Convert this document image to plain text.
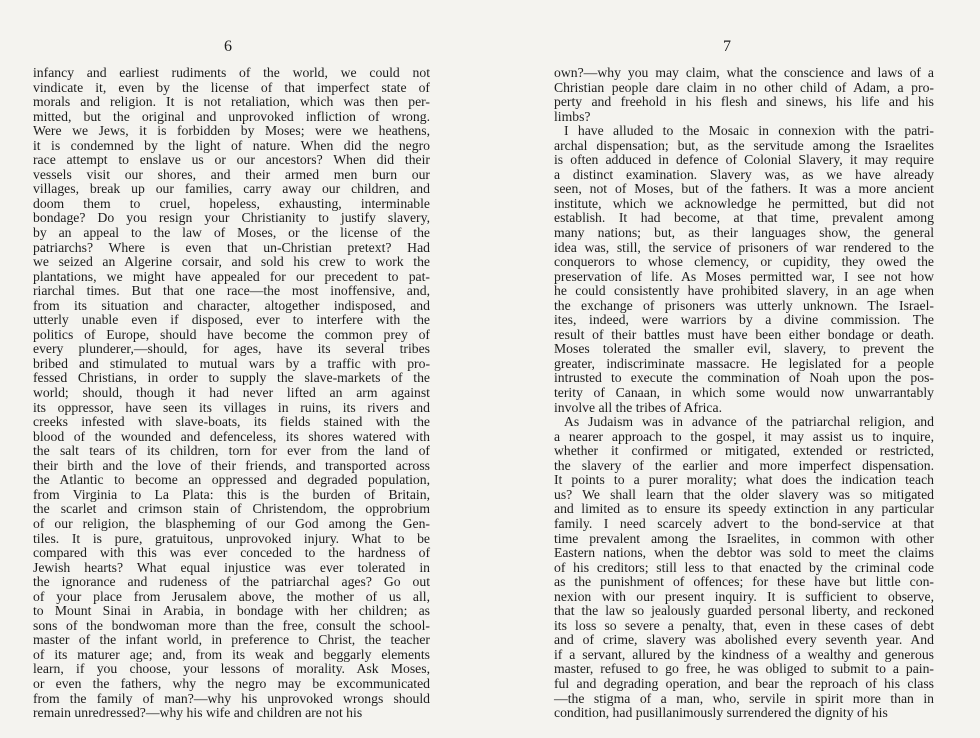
6
infancy and earliest rudiments of the world, we could not
vindicate it, even by the license of that imperfect state of
morals and religion. It is not retaliation, which was then per-
mitted, but the original and unprovoked infliction of wrong.
Were we Jews, it is forbidden by Moses; were we heathens,
it is condemned by the light of nature. When did the negro
race attempt to enslave us or our ancestors? When did their
vessels visit our shores, and their armed men burn our
villages, break up our families, carry away our children, and
doom them to cruel, hopeless, exhausting, interminable
bondage? Do you resign your Christianity to justify slavery,
by an appeal to the law of Moses, or the license of the
patriarchs? Where is even that un-Christian pretext? Had
we seized an Algerine corsair, and sold his crew to work the
plantations, we might have appealed for our precedent to pat-
riarchal times. But that one race—the most inoffensive, and,
from its situation and character, altogether indisposed, and
utterly unable even if disposed, ever to interfere with the
politics of Europe, should have become the common prey of
every plunderer,—should, for ages, have its several tribes
bribed and stimulated to mutual wars by a traffic with pro-
fessed Christians, in order to supply the slave-markets of the
world; should, though it had never lifted an arm against
its oppressor, have seen its villages in ruins, its rivers and
creeks infested with slave-boats, its fields stained with the
blood of the wounded and defenceless, its shores watered with
the salt tears of its children, torn for ever from the land of
their birth and the love of their friends, and transported across
the Atlantic to become an oppressed and degraded population,
from Virginia to La Plata: this is the burden of Britain,
the scarlet and crimson stain of Christendom, the opprobrium
of our religion, the blaspheming of our God among the Gen-
tiles. It is pure, gratuitous, unprovoked injury. What to be
compared with this was ever conceded to the hardness of
Jewish hearts? What equal injustice was ever tolerated in
the ignorance and rudeness of the patriarchal ages? Go out
of your place from Jerusalem above, the mother of us all,
to Mount Sinai in Arabia, in bondage with her children; as
sons of the bondwoman more than the free, consult the school-
master of the infant world, in preference to Christ, the teacher
of its maturer age; and, from its weak and beggarly elements
learn, if you choose, your lessons of morality. Ask Moses,
or even the fathers, why the negro may be excommunicated
from the family of man?—why his unprovoked wrongs should
remain unredressed?—why his wife and children are not his
7
own?—why you may claim, what the conscience and laws of a
Christian people dare claim in no other child of Adam, a pro-
perty and freehold in his flesh and sinews, his life and his
limbs?
I have alluded to the Mosaic in connexion with the patri-
archal dispensation; but, as the servitude among the Israelites
is often adduced in defence of Colonial Slavery, it may require
a distinct examination. Slavery was, as we have already
seen, not of Moses, but of the fathers. It was a more ancient
institute, which we acknowledge he permitted, but did not
establish. It had become, at that time, prevalent among
many nations; but, as their languages show, the general
idea was, still, the service of prisoners of war rendered to the
conquerors to whose clemency, or cupidity, they owed the
preservation of life. As Moses permitted war, I see not how
he could consistently have prohibited slavery, in an age when
the exchange of prisoners was utterly unknown. The Israel-
ites, indeed, were warriors by a divine commission. The
result of their battles must have been either bondage or death.
Moses tolerated the smaller evil, slavery, to prevent the
greater, indiscriminate massacre. He legislated for a people
intrusted to execute the commination of Noah upon the pos-
terity of Canaan, in which some would now unwarrantably
involve all the tribes of Africa.
As Judaism was in advance of the patriarchal religion, and
a nearer approach to the gospel, it may assist us to inquire,
whether it confirmed or mitigated, extended or restricted,
the slavery of the earlier and more imperfect dispensation.
It points to a purer morality; what does the indication teach
us? We shall learn that the older slavery was so mitigated
and limited as to ensure its speedy extinction in any particular
family. I need scarcely advert to the bond-service at that
time prevalent among the Israelites, in common with other
Eastern nations, when the debtor was sold to meet the claims
of his creditors; still less to that enacted by the criminal code
as the punishment of offences; for these have but little con-
nexion with our present inquiry. It is sufficient to observe,
that the law so jealously guarded personal liberty, and reckoned
its loss so severe a penalty, that, even in these cases of debt
and of crime, slavery was abolished every seventh year. And
if a servant, allured by the kindness of a wealthy and generous
master, refused to go free, he was obliged to submit to a pain-
ful and degrading operation, and bear the reproach of his class
—the stigma of a man, who, servile in spirit more than in
condition, had pusillanimously surrendered the dignity of his
